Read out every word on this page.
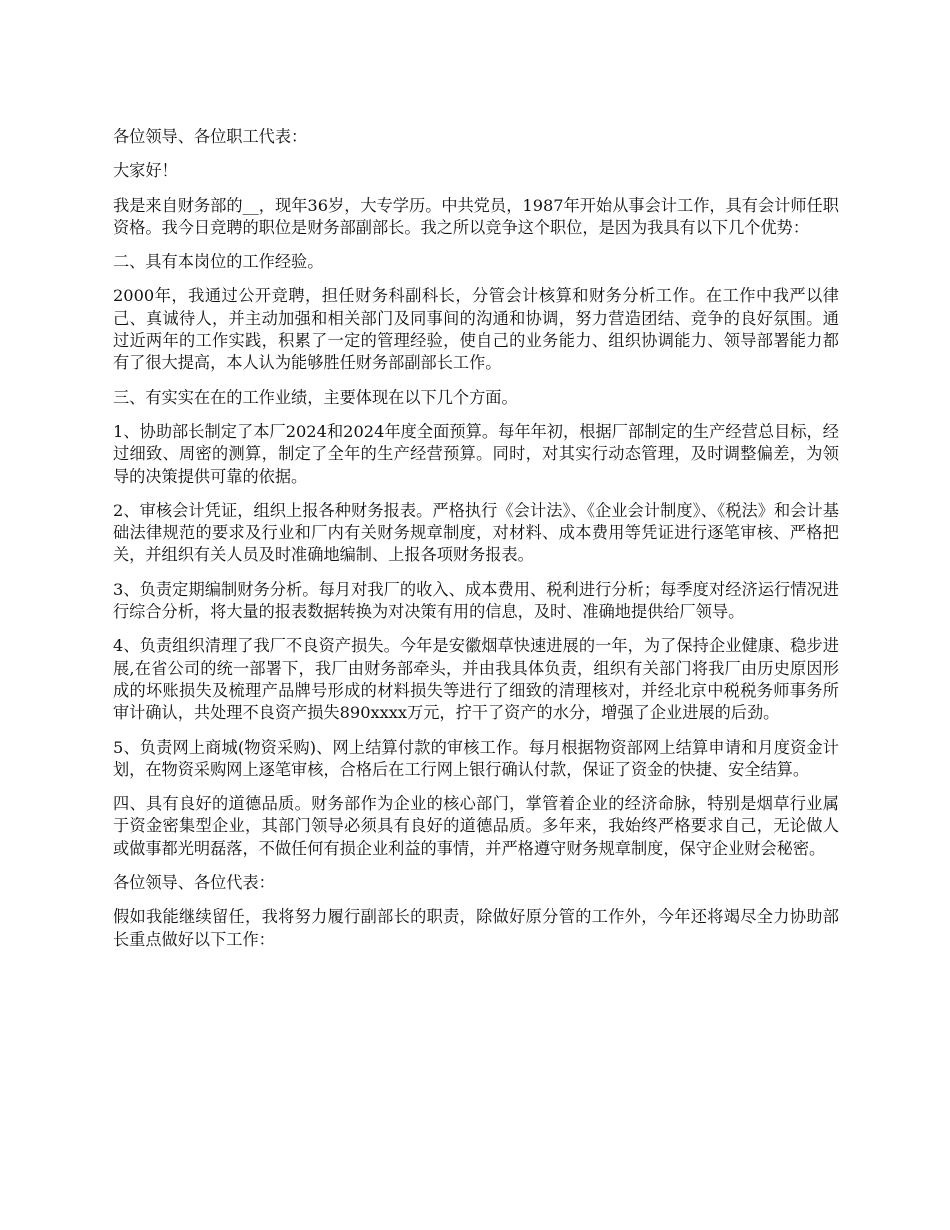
各位领导、各位职工代表：

大家好！

我是来自财务部的__，现年36岁，大专学历。中共党员，1987年开始从事会计工作，具有会计师任职资格。我今日竞聘的职位是财务部副部长。我之所以竞争这个职位，是因为我具有以下几个优势：

二、具有本岗位的工作经验。

2000年，我通过公开竞聘，担任财务科副科长，分管会计核算和财务分析工作。在工作中我严以律己、真诚待人，并主动加强和相关部门及同事间的沟通和协调，努力营造团结、竞争的良好氛围。通过近两年的工作实践，积累了一定的管理经验，使自己的业务能力、组织协调能力、领导部署能力都有了很大提高，本人认为能够胜任财务部副部长工作。

三、有实实在在的工作业绩，主要体现在以下几个方面。

1、协助部长制定了本厂2024和2024年度全面预算。每年年初，根据厂部制定的生产经营总目标，经过细致、周密的测算，制定了全年的生产经营预算。同时，对其实行动态管理，及时调整偏差，为领导的决策提供可靠的依据。

2、审核会计凭证，组织上报各种财务报表。严格执行《会计法》、《企业会计制度》、《税法》和会计基础法律规范的要求及行业和厂内有关财务规章制度，对材料、成本费用等凭证进行逐笔审核、严格把关，并组织有关人员及时准确地编制、上报各项财务报表。

3、负责定期编制财务分析。每月对我厂的收入、成本费用、税利进行分析；每季度对经济运行情况进行综合分析，将大量的报表数据转换为对决策有用的信息，及时、准确地提供给厂领导。

4、负责组织清理了我厂不良资产损失。今年是安徽烟草快速进展的一年，为了保持企业健康、稳步进展,在省公司的统一部署下，我厂由财务部牵头，并由我具体负责，组织有关部门将我厂由历史原因形成的坏账损失及梳理产品牌号形成的材料损失等进行了细致的清理核对，并经北京中税税务师事务所审计确认，共处理不良资产损失890xxxx万元，拧干了资产的水分，增强了企业进展的后劲。

5、负责网上商城(物资采购)、网上结算付款的审核工作。每月根据物资部网上结算申请和月度资金计划，在物资采购网上逐笔审核，合格后在工行网上银行确认付款，保证了资金的快捷、安全结算。

四、具有良好的道德品质。财务部作为企业的核心部门，掌管着企业的经济命脉，特别是烟草行业属于资金密集型企业，其部门领导必须具有良好的道德品质。多年来，我始终严格要求自己，无论做人或做事都光明磊落，不做任何有损企业利益的事情，并严格遵守财务规章制度，保守企业财会秘密。

各位领导、各位代表：

假如我能继续留任，我将努力履行副部长的职责，除做好原分管的工作外，今年还将竭尽全力协助部长重点做好以下工作：
